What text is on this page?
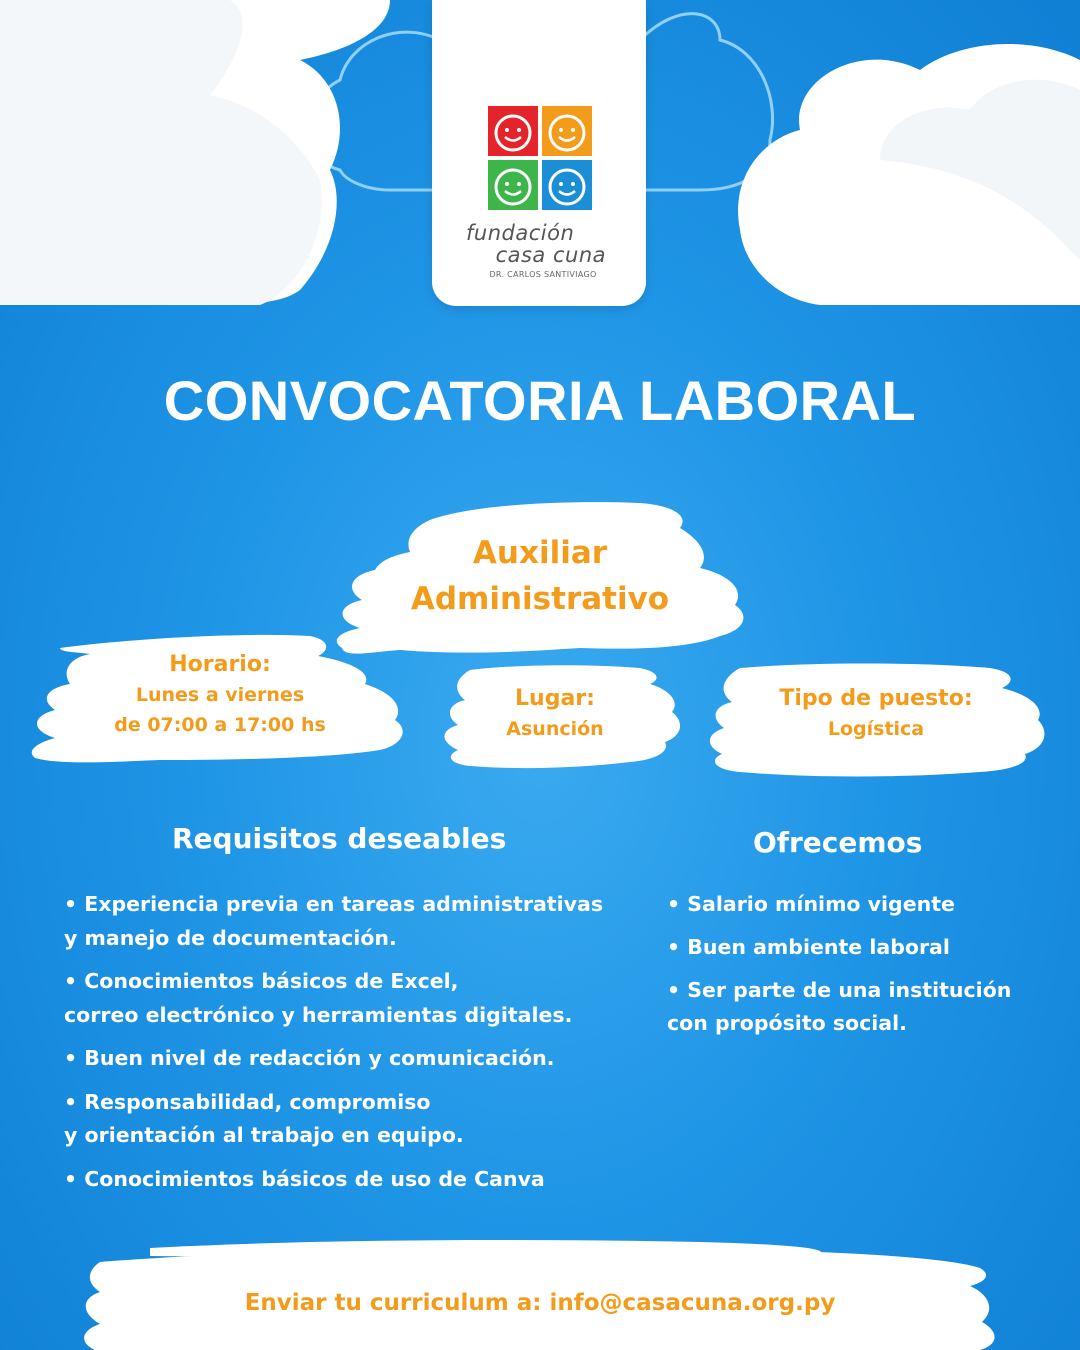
fundación
casa cuna
DR. CARLOS SANTIVIAGO
CONVOCATORIA LABORAL
Auxiliar
Administrativo
Horario:
Lunes a viernes
de 07:00 a 17:00 hs
Lugar:
Asunción
Tipo de puesto:
Logística
Requisitos deseables
• Experiencia previa en tareas administrativas
y manejo de documentación.
• Conocimientos básicos de Excel,
correo electrónico y herramientas digitales.
• Buen nivel de redacción y comunicación.
• Responsabilidad, compromiso
y orientación al trabajo en equipo.
• Conocimientos básicos de uso de Canva
Ofrecemos
• Salario mínimo vigente
• Buen ambiente laboral
• Ser parte de una institución
con propósito social.
Enviar tu curriculum a: info@casacuna.org.py
